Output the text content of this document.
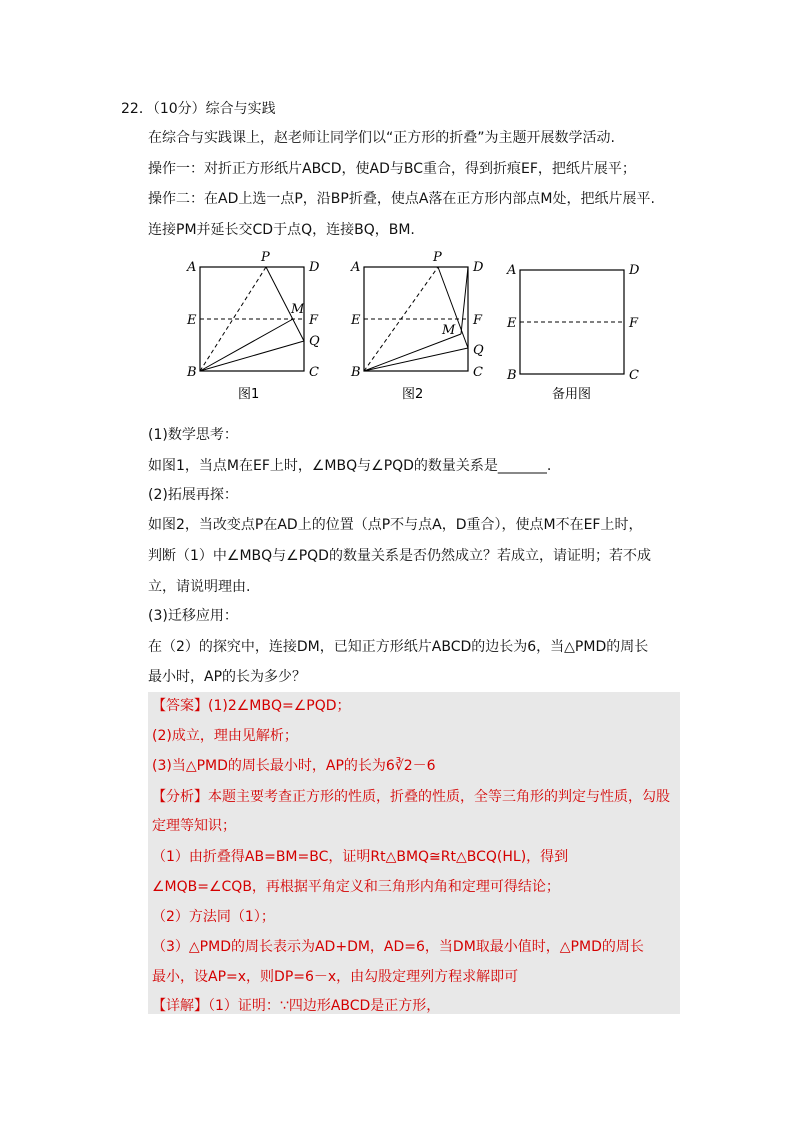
22．（10分）综合与实践
在综合与实践课上，赵老师让同学们以“正方形的折叠”为主题开展数学活动.
操作一：对折正方形纸片ABCD，使AD与BC重合，得到折痕EF，把纸片展平；
操作二：在AD上选一点P，沿BP折叠，使点A落在正方形内部点M处，把纸片展平.
连接PM并延长交CD于点Q，连接BQ，BM.
A
P
D
E
M
F
Q
B	C
图1
A
P
D
E
M
F
Q
B	C
图2
A	D
E	F
B	C
备用图
(1)数学思考：
如图1，当点M在EF上时，∠MBQ与∠PQD的数量关系是_______.
(2)拓展再探：
如图2，当改变点P在AD上的位置（点P不与点A，D重合），使点M不在EF上时，
判断（1）中∠MBQ与∠PQD的数量关系是否仍然成立？若成立，请证明；若不成
立，请说明理由.
(3)迁移应用：
在（2）的探究中，连接DM，已知正方形纸片ABCD的边长为6，当△PMD的周长
最小时，AP的长为多少？
【答案】(1)2∠MBQ=∠PQD；
(2)成立，理由见解析；
(3)当△PMD的周长最小时，AP的长为6∛2－6
【分析】本题主要考查正方形的性质，折叠的性质，全等三角形的判定与性质，勾股
定理等知识；
（1）由折叠得AB=BM=BC，证明Rt△BMQ≅Rt△BCQ(HL)，得到
∠MQB=∠CQB，再根据平角定义和三角形内角和定理可得结论；
（2）方法同（1）；
（3）△PMD的周长表示为AD+DM，AD=6，当DM取最小值时，△PMD的周长
最小，设AP=x，则DP=6－x，由勾股定理列方程求解即可
【详解】（1）证明：∵四边形ABCD是正方形，
